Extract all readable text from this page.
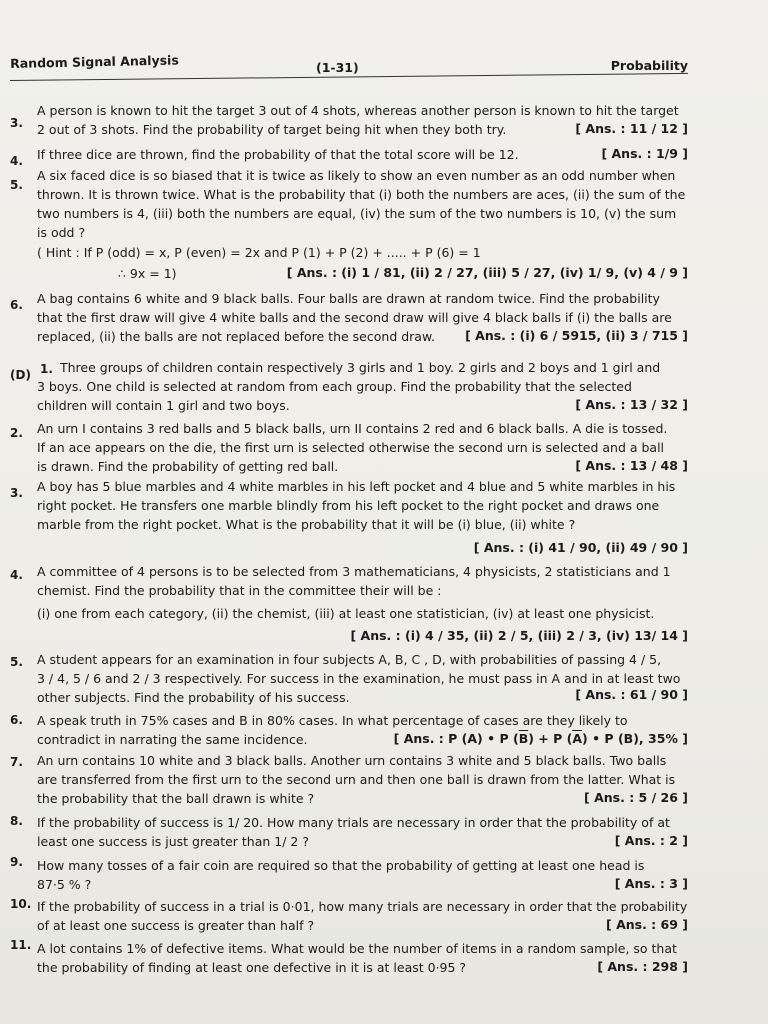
Random Signal Analysis	(1-31)	Probability
3.
A person is known to hit the target 3 out of 4 shots, whereas another person is known to hit the target
2 out of 3 shots. Find the probability of target being hit when they both try.	[ Ans. : 11 / 12 ]
4. If three dice are thrown, find the probability of that the total score will be 12.	[ Ans. : 1/9 ]
5.
A six faced dice is so biased that it is twice as likely to show an even number as an odd number when
thrown. It is thrown twice. What is the probability that (i) both the numbers are aces, (ii) the sum of the
two numbers is 4, (iii) both the numbers are equal, (iv) the sum of the two numbers is 10, (v) the sum
is odd ?
( Hint : If P (odd) = x, P (even) = 2x and P (1) + P (2) + ..... + P (6) = 1
∴ 9x = 1)	[ Ans. : (i) 1 / 81, (ii) 2 / 27, (iii) 5 / 27, (iv) 1/ 9, (v) 4 / 9 ]
6. A bag contains 6 white and 9 black balls. Four balls are drawn at random twice. Find the probability
that the first draw will give 4 white balls and the second draw will give 4 black balls if (i) the balls are
replaced, (ii) the balls are not replaced before the second draw.	[ Ans. : (i) 6 / 5915, (ii) 3 / 715 ]
(D) 1. Three groups of children contain respectively 3 girls and 1 boy. 2 girls and 2 boys and 1 girl and
3 boys. One child is selected at random from each group. Find the probability that the selected
children will contain 1 girl and two boys.	[ Ans. : 13 / 32 ]
2. An urn I contains 3 red balls and 5 black balls, urn II contains 2 red and 6 black balls. A die is tossed.
If an ace appears on the die, the first urn is selected otherwise the second urn is selected and a ball
is drawn. Find the probability of getting red ball.	[ Ans. : 13 / 48 ]
3. A boy has 5 blue marbles and 4 white marbles in his left pocket and 4 blue and 5 white marbles in his
right pocket. He transfers one marble blindly from his left pocket to the right pocket and draws one
marble from the right pocket. What is the probability that it will be (i) blue, (ii) white ?
[ Ans. : (i) 41 / 90, (ii) 49 / 90 ]
4. A committee of 4 persons is to be selected from 3 mathematicians, 4 physicists, 2 statisticians and 1
chemist. Find the probability that in the committee their will be :
(i) one from each category, (ii) the chemist, (iii) at least one statistician, (iv) at least one physicist.
[ Ans. : (i) 4 / 35, (ii) 2 / 5, (iii) 2 / 3, (iv) 13/ 14 ]
5. A student appears for an examination in four subjects A, B, C , D, with probabilities of passing 4 / 5,
3 / 4, 5 / 6 and 2 / 3 respectively. For success in the examination, he must pass in A and in at least two
other subjects. Find the probability of his success.	[ Ans. : 61 / 90 ]
6. A speak truth in 75% cases and B in 80% cases. In what percentage of cases are they likely to
contradict in narrating the same incidence.	[ Ans. : P (A) • P $(\overline{B}) + P$ $(\overline{A})$ • P (B), 35% ]
7. An urn contains 10 white and 3 black balls. Another urn contains 3 white and 5 black balls. Two balls
are transferred from the first urn to the second urn and then one ball is drawn from the latter. What is
the probability that the ball drawn is white ?	[ Ans. : 5 / 26 ]
8. If the probability of success is 1/ 20. How many trials are necessary in order that the probability of at
least one success is just greater than 1/ 2 ?	[ Ans. : 2 ]
9. How many tosses of a fair coin are required so that the probability of getting at least one head is
87·5 % ?	[ Ans. : 3 ]
10. If the probability of success in a trial is 0·01, how many trials are necessary in order that the probability
of at least one success is greater than half ?	[ Ans. : 69 ]
11. A lot contains 1% of defective items. What would be the number of items in a random sample, so that
the probability of finding at least one defective in it is at least 0·95 ?	[ Ans. : 298 ]
